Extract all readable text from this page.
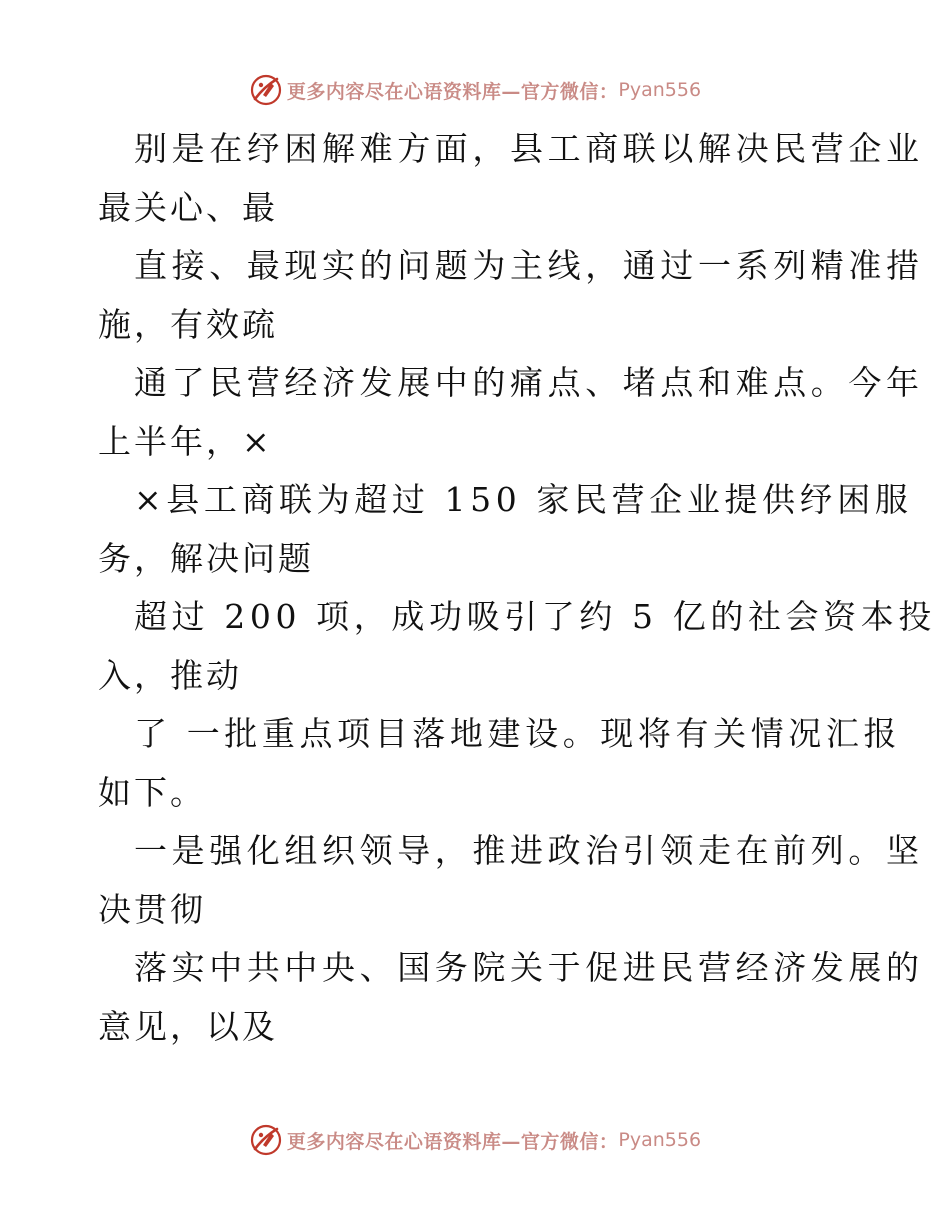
更多内容尽在心语资料库—官方微信： Pyan556
别是在纾困解难方面，县工商联以解决民营企业
最关心、最
直接、最现实的问题为主线，通过一系列精准措
施，有效疏
通了民营经济发展中的痛点、堵点和难点。今年
上半年，×
×县工商联为超过 150 家民营企业提供纾困服
务，解决问题
超过 200 项，成功吸引了约 5 亿的社会资本投
入，推动
了 一批重点项目落地建设。现将有关情况汇报
如下。
一是强化组织领导，推进政治引领走在前列。坚
决贯彻
落实中共中央、国务院关于促进民营经济发展的
意见，以及
更多内容尽在心语资料库—官方微信： Pyan556
